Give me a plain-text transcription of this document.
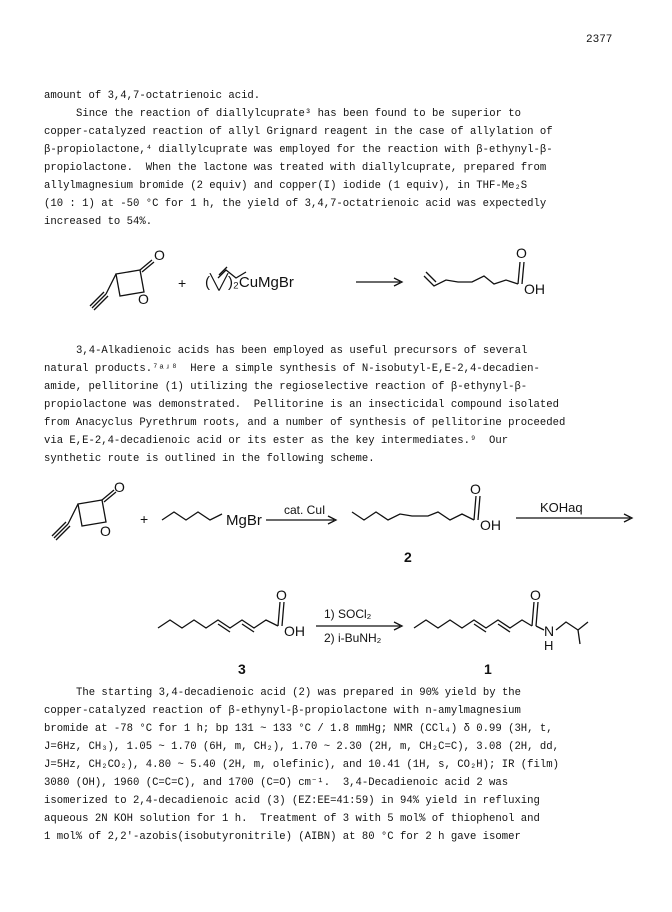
2377
amount of 3,4,7-octatrienoic acid.
Since the reaction of diallylcuprate³ has been found to be superior to
copper-catalyzed reaction of allyl Grignard reagent in the case of allylation of
β-propiolactone,⁴ diallylcuprate was employed for the reaction with β-ethynyl-β-
propiolactone.  When the lactone was treated with diallylcuprate, prepared from
allylmagnesium bromide (2 equiv) and copper(I) iodide (1 equiv), in THF-Me₂S
(10 : 1) at -50 °C for 1 h, the yield of 3,4,7-octatrienoic acid was expectedly
increased to 54%.
O
O
+ (╲╱)₂CuMgBr
O
OH
3,4-Alkadienoic acids has been employed as useful precursors of several
natural products.⁷ᵃʴ⁸  Here a simple synthesis of N-isobutyl-E,E-2,4-decadien-
amide, pellitorine (1) utilizing the regioselective reaction of β-ethynyl-β-
propiolactone was demonstrated.  Pellitorine is an insecticidal compound isolated
from Anacyclus Pyrethrum roots, and a number of synthesis of pellitorine proceeded
via E,E-2,4-decadienoic acid or its ester as the key intermediates.⁹  Our
synthetic route is outlined in the following scheme.
O
O
+	MgBr
cat. CuI
O
OH
KOHaq
2
O
OH
1) SOCl₂
2) i-BuNH₂
O
N
H
3	1
The starting 3,4-decadienoic acid (2) was prepared in 90% yield by the
copper-catalyzed reaction of β-ethynyl-β-propiolactone with n-amylmagnesium
bromide at -78 °C for 1 h; bp 131 ~ 133 °C / 1.8 mmHg; NMR (CCl₄) δ 0.99 (3H, t,
J=6Hz, CH₃), 1.05 ~ 1.70 (6H, m, CH₂), 1.70 ~ 2.30 (2H, m, CH₂C=C), 3.08 (2H, dd,
J=5Hz, CH₂CO₂), 4.80 ~ 5.40 (2H, m, olefinic), and 10.41 (1H, s, CO₂H); IR (film)
3080 (OH), 1960 (C=C=C), and 1700 (C=O) cm⁻¹.  3,4-Decadienoic acid 2 was
isomerized to 2,4-decadienoic acid (3) (EZ:EE=41:59) in 94% yield in refluxing
aqueous 2N KOH solution for 1 h.  Treatment of 3 with 5 mol% of thiophenol and
1 mol% of 2,2'-azobis(isobutyronitrile) (AIBN) at 80 °C for 2 h gave isomer
